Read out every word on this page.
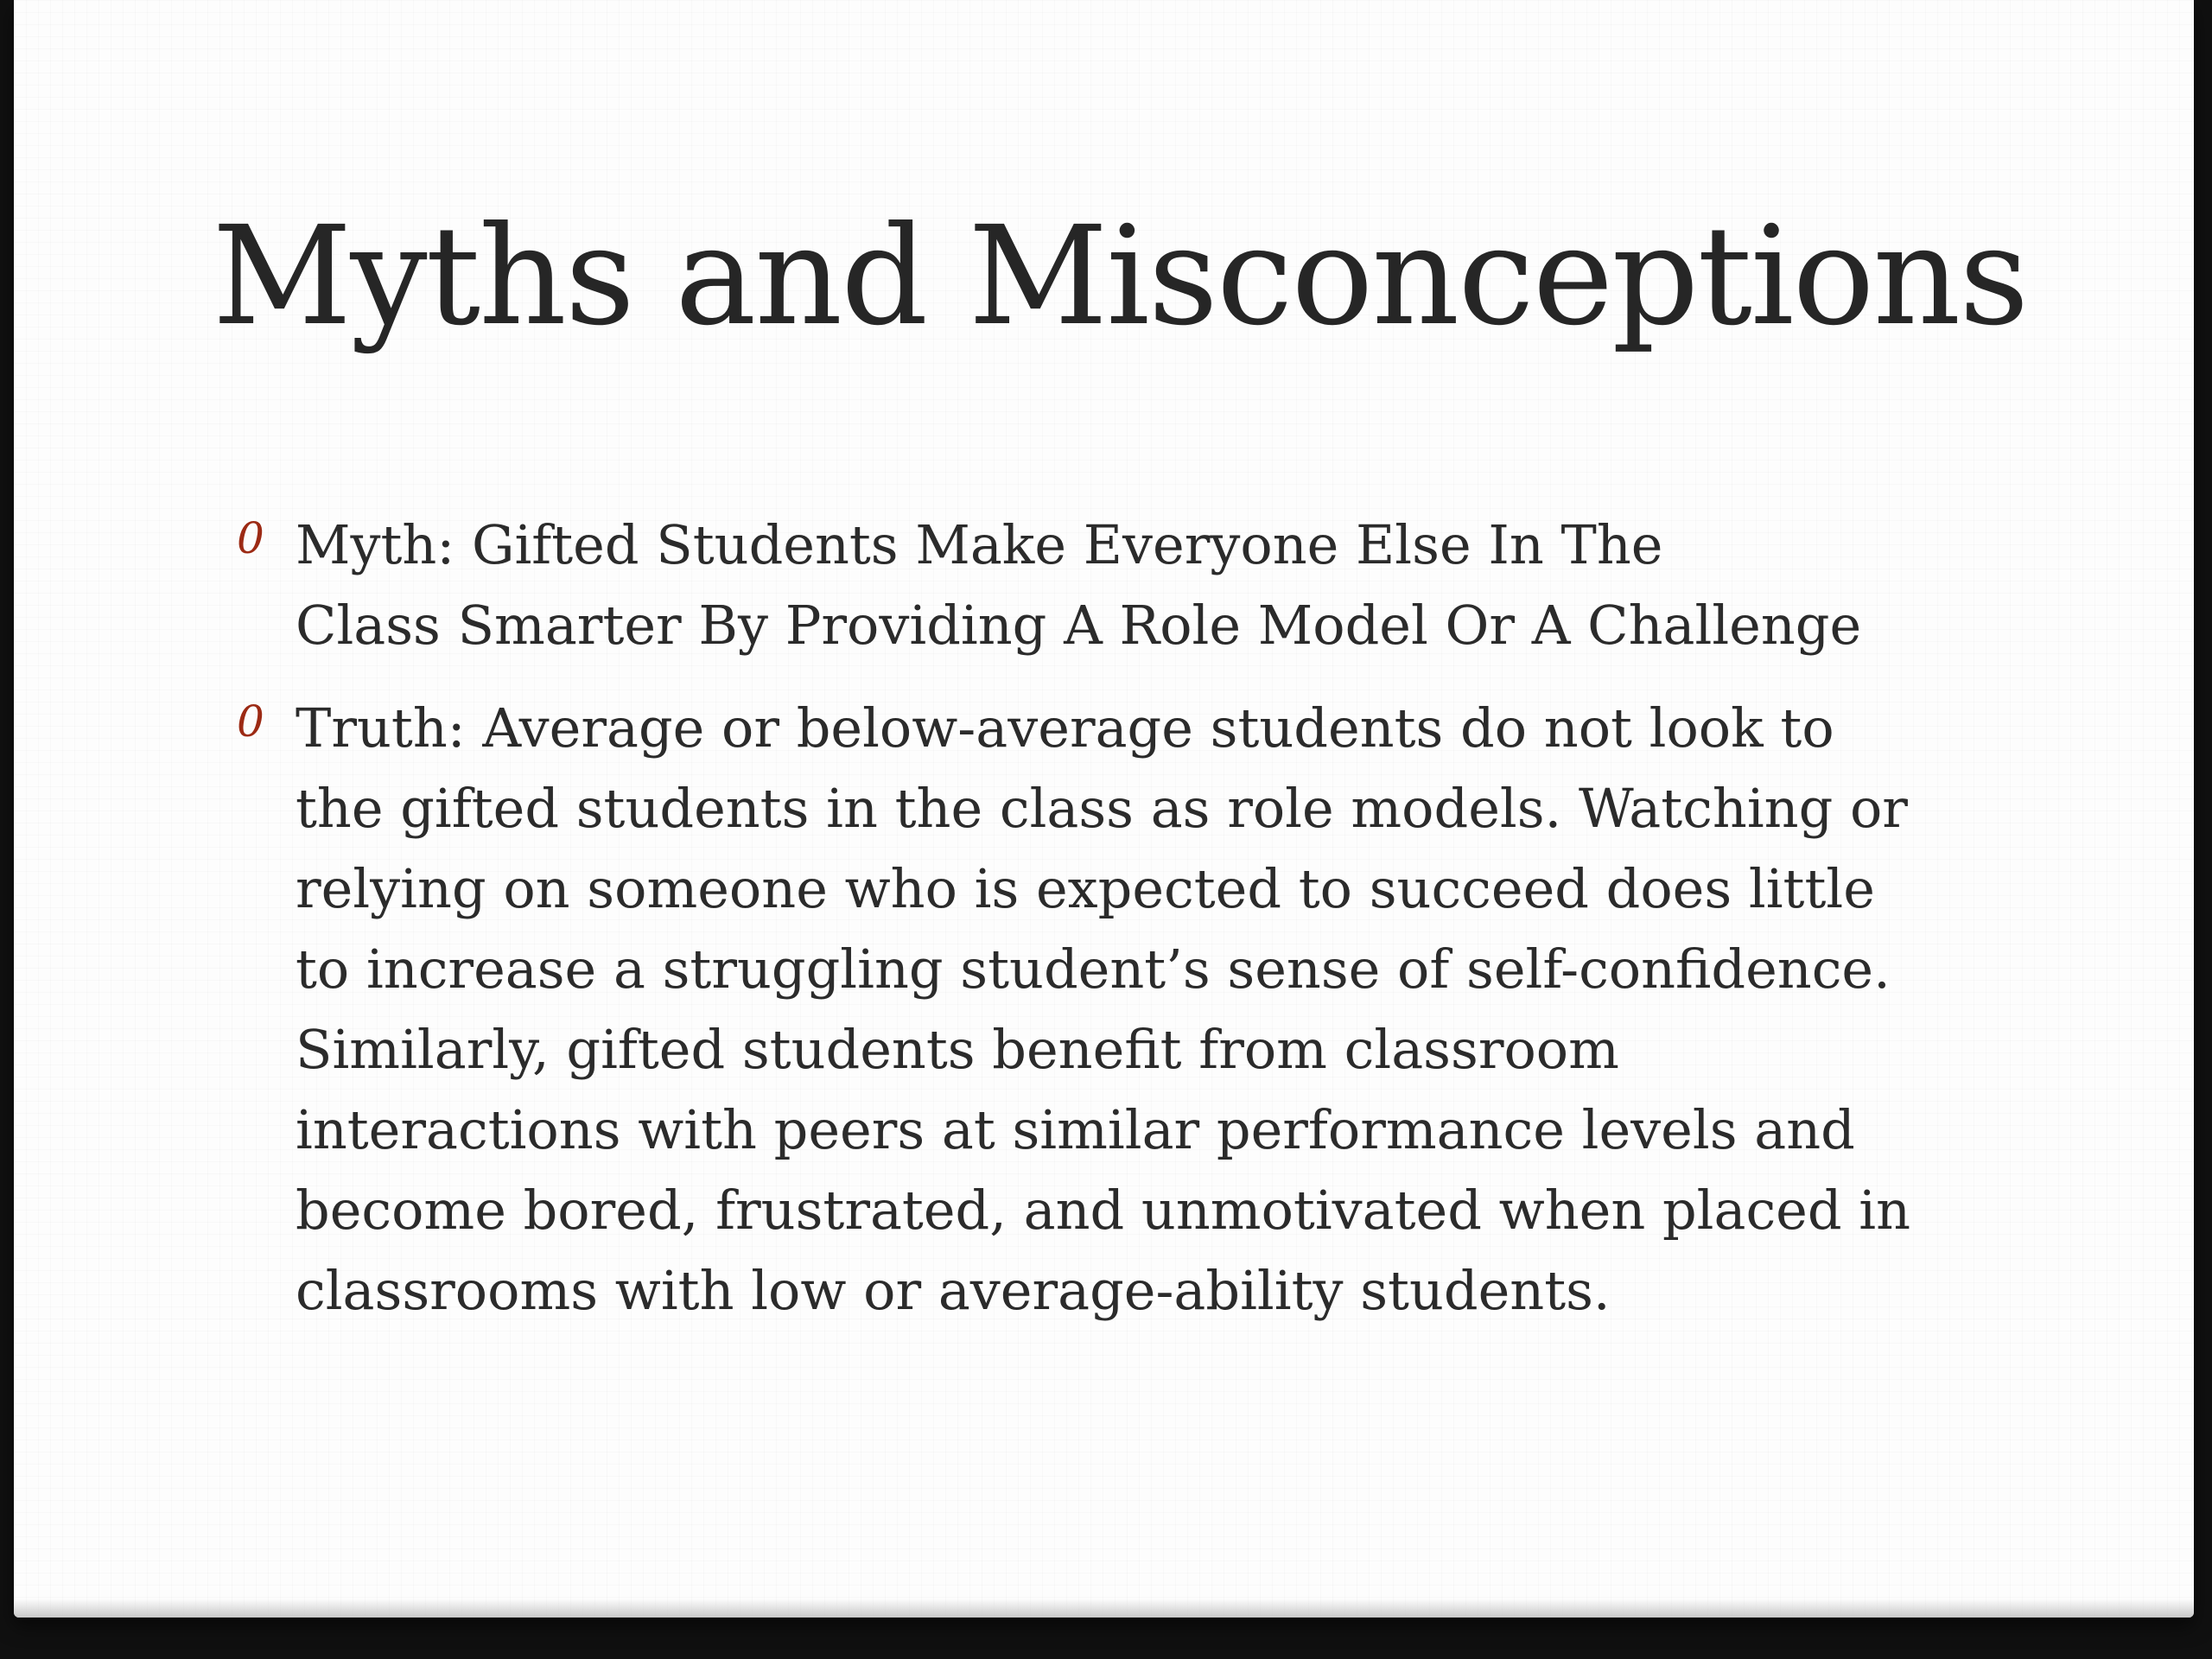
Myths and Misconceptions
0 Myth: Gifted Students Make Everyone Else In The
Class Smarter By Providing A Role Model Or A Challenge
0 Truth: Average or below-average students do not look to
the gifted students in the class as role models. Watching or
relying on someone who is expected to succeed does little
to increase a struggling student’s sense of self-confidence.
Similarly, gifted students benefit from classroom
interactions with peers at similar performance levels and
become bored, frustrated, and unmotivated when placed in
classrooms with low or average-ability students.
